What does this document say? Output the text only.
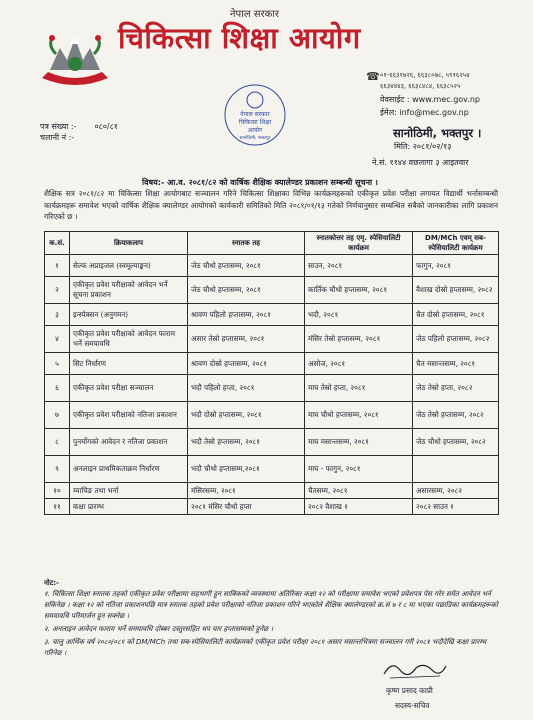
नेपाल सरकार
चिकित्सा शिक्षा आयोग
☎ ०१-६६३१७२६, ६६३८०७८, ५९१६२५४
६६३४४४३, ६६३८४८४, ६६३८५२५
वेवसाईट : www.mec.gov.np
ईमेल: info@mec.gov.np
नेपाल सरकार
चिकित्सा शिक्षा
आयोग
सानोठिमी, भक्तपुर
पत्र संख्या :- ०८०/८१
चलानी नं :-	सानोठिमी, भक्तपुर ।
मिति: २०८१/०२/१३
ने.सं. ११४४ वछलागा ३ आइतवार
विषय:- आ.व. २०८१/८२ को वार्षिक शैक्षिक क्यालेण्डर प्रकाशन सम्बन्धी सूचना ।
शैक्षिक सत्र २०८१/८२ मा चिकित्सा शिक्षा आयोगबाट सञ्चालन गरिने चिकित्सा शिक्षाका विभिन्न कार्यक्रमहरूको एकीकृत प्रवेश परीक्षा लगायत विद्यार्थी भर्नासम्बन्धी कार्यक्रमहरू समावेश भएको वार्षिक शैक्षिक क्यालेण्डर आयोगको कार्यकारी समितिको मिति २०८१/०१/१३ गतेको निर्णयानुसार सम्बन्धित सबैको जानकारीका लागि प्रकाशन गरिएको छ ।
क.सं.	क्रियाकलाप	स्नातक तह	स्नातकोत्तर तह एमृ. स्पेसियालिटी कार्यक्रम	DM/MCh एवम् सब-स्पेसियालिटी कार्यक्रम
१	सेल्फ अप्राइजल (स्वमूल्याङ्कन)	जेठ चौथो हप्तासम्म, २०८१	साउन, २०८१	फागुन, २०८१
२	एकीकृत प्रवेश परीक्षाको आवेदन भर्ने सूचना प्रकाशन	जेठ चौथो हप्तासम्म, २०८१	कार्तिक चौथो हप्तासम्म, २०८१	वैशाख दोस्रो हप्तासम्म, २०८२
३	इन्स्पेक्सन (अनुगमन)	श्रावण पहिलो हप्तासम्म, २०८१	भदौ, २०८१	चैत दोस्रो हप्तासम्म, २०८१
४	एकीकृत प्रवेश परीक्षाको आवेदन फाराम भर्ने समयावधि	असार तेस्रो हप्तासम्म, २०८१	मंसिर तेस्रो हप्तासम्म, २०८१	जेठ पहिलो हप्तासम्म, २०८२
५	सिट निर्धारण	श्रावण दोस्रो हप्तासम्म, २०८१	असोज, २०८१	चैत मसान्तसम्म, २०८१
६	एकीकृत प्रवेश परीक्षा सञ्चालन	भदौ पहिलो हप्ता, २०८१	माघ तेस्रो हप्ता, २०८१	जेठ तेस्रो हप्ता, २०८२
७	एकीकृत प्रवेश परीक्षाको नतिजा प्रकाशन	भदौ दोस्रो हप्तासम्म, २०८१	माघ चौथो हप्तासम्म, २०८१	जेठ तेस्रो हप्तासम्म, २०८२
८	पुनर्योगको आवेदन र नतिजा प्रकाशन	भदौ तेस्रो हप्तासम्म, २०८१	माघ मसान्तसम्म, २०८१	जेठ चौथो हप्तासम्म, २०८२
९	अनलाइन प्राथमिकताक्रम निर्धारण	भदौ चौथो हप्तासम्म,२०८१	माघ - फागुन, २०८१	
१०	म्याचिङ तथा भर्ना	मंसिरसम्म, २०८१	चैतसम्म, २०८१	असारसम्म, २०८२
११	कक्षा प्रारम्भ	२०८१ मंसिर चौथो हप्ता	२०८२ वैशाख १	२०८२ साउन १
नोट:-
१. चिकित्सा शिक्षा स्नातक तहको एकीकृत प्रवेश परीक्षामा सहभागी हुन साबिकको व्यवस्थामा अतिरिक्त कक्षा १२ को परीक्षामा समावेश भएको प्रवेशपत्र पेस गरेर समेत आवेदन भर्न सकिनेछ । कक्षा १२ को नतिजा प्रकाशनपछि मात्र स्नातक तहको प्रवेश परीक्षाको नतिजा प्रकाशन गरिने भएकोले शैक्षिक क्यालेण्डरको क्र.सं ७ र ८ मा भएका पछाडिका कार्यक्रमहरूको समयावधि परिमार्जन हुन सक्नेछ ।
२. अनलाइन आवेदन फाराम भर्ने समयावधि दोब्बर दस्तुरसहित थप चार हप्तासम्मको हुनेछ ।
३. चालु आर्थिक वर्ष २०८०/०८१ को DM/MCh तथा सब-स्पेसियालिटी कार्यक्रमको एकीकृत प्रवेश परीक्षा २०८१ असार मसान्तभित्रमा सञ्चालन गरी २०८१ भदौदेखि कक्षा प्रारम्भ गरिनेछ ।
कृष्ण प्रसाद काप्री
सदस्य-सचिव
